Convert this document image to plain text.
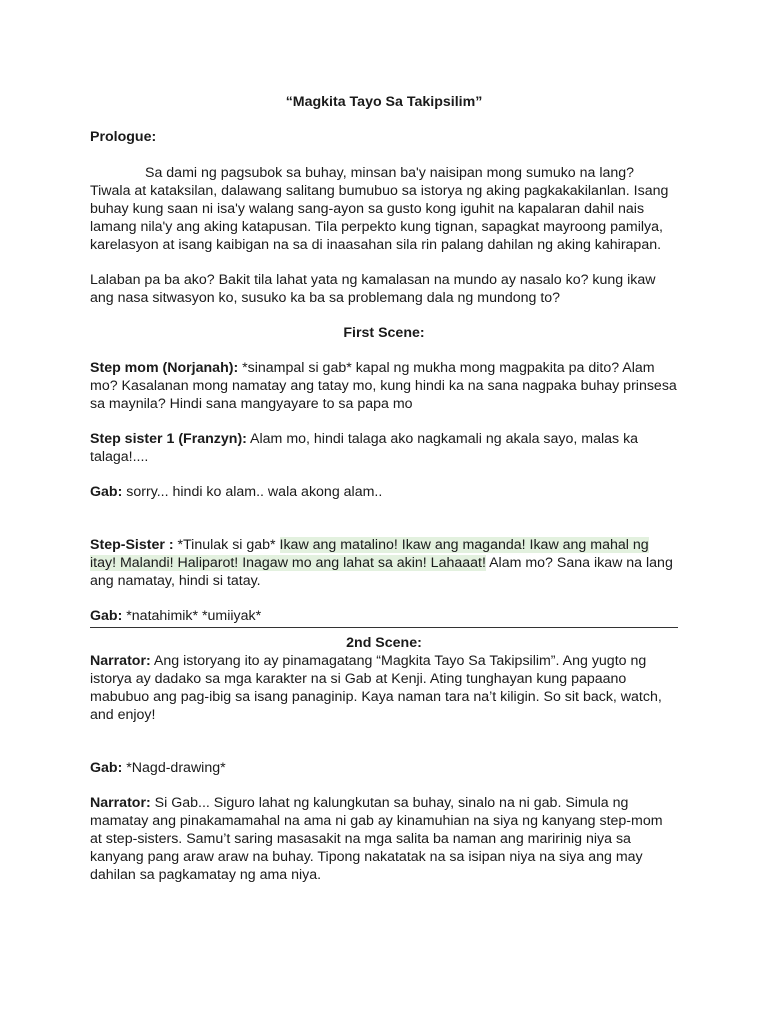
“Magkita Tayo Sa Takipsilim”

Prologue:

Sa dami ng pagsubok sa buhay, minsan ba'y naisipan mong sumuko na lang? Tiwala at kataksilan, dalawang salitang bumubuo sa istorya ng aking pagkakakilanlan. Isang buhay kung saan ni isa'y walang sang-ayon sa gusto kong iguhit na kapalaran dahil nais lamang nila'y ang aking katapusan. Tila perpekto kung tignan, sapagkat mayroong pamilya, karelasyon at isang kaibigan na sa di inaasahan sila rin palang dahilan ng aking kahirapan.

Lalaban pa ba ako? Bakit tila lahat yata ng kamalasan na mundo ay nasalo ko? kung ikaw ang nasa sitwasyon ko, susuko ka ba sa problemang dala ng mundong to?

First Scene:

Step mom (Norjanah): *sinampal si gab* kapal ng mukha mong magpakita pa dito? Alam mo? Kasalanan mong namatay ang tatay mo, kung hindi ka na sana nagpaka buhay prinsesa sa maynila? Hindi sana mangyayare to sa papa mo

Step sister 1 (Franzyn): Alam mo, hindi talaga ako nagkamali ng akala sayo, malas ka talaga!....

Gab: sorry... hindi ko alam.. wala akong alam..

Step-Sister : *Tinulak si gab* Ikaw ang matalino! Ikaw ang maganda! Ikaw ang mahal ng itay! Malandi! Haliparot! Inagaw mo ang lahat sa akin! Lahaaat! Alam mo? Sana ikaw na lang ang namatay, hindi si tatay.

Gab: *natahimik* *umiiyak*

2nd Scene:

Narrator: Ang istoryang ito ay pinamagatang “Magkita Tayo Sa Takipsilim”. Ang yugto ng istorya ay dadako sa mga karakter na si Gab at Kenji. Ating tunghayan kung papaano mabubuo ang pag-ibig sa isang panaginip. Kaya naman tara na’t kiligin. So sit back, watch, and enjoy!

Gab: *Nagd-drawing*

Narrator: Si Gab... Siguro lahat ng kalungkutan sa buhay, sinalo na ni gab. Simula ng mamatay ang pinakamamahal na ama ni gab ay kinamuhian na siya ng kanyang step-mom at step-sisters. Samu’t saring masasakit na mga salita ba naman ang maririnig niya sa kanyang pang araw araw na buhay. Tipong nakatatak na sa isipan niya na siya ang may dahilan sa pagkamatay ng ama niya.
